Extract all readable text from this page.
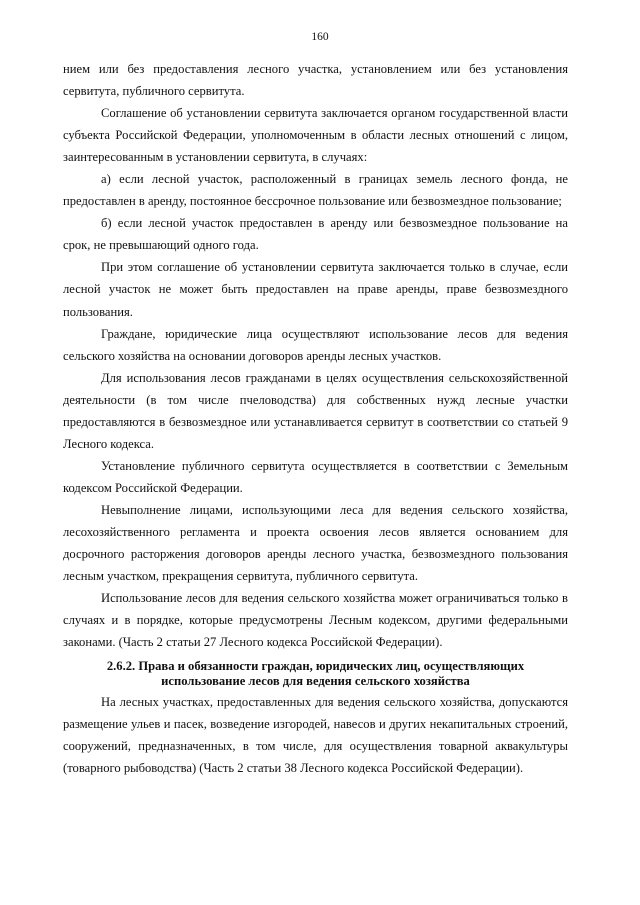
160

нием или без предоставления лесного участка, установлением или без установления сервитута, публичного сервитута.

Соглашение об установлении сервитута заключается органом государственной власти субъекта Российской Федерации, уполномоченным в области лесных отношений с лицом, заинтересованным в установлении сервитута, в случаях:

а) если лесной участок, расположенный в границах земель лесного фонда, не предоставлен в аренду, постоянное бессрочное пользование или безвозмездное пользование;

б) если лесной участок предоставлен в аренду или безвозмездное пользование на срок, не превышающий одного года.

При этом соглашение об установлении сервитута заключается только в случае, если лесной участок не может быть предоставлен на праве аренды, праве безвозмездного пользования.

Граждане, юридические лица осуществляют использование лесов для ведения сельского хозяйства на основании договоров аренды лесных участков.

Для использования лесов гражданами в целях осуществления сельскохозяйственной деятельности (в том числе пчеловодства) для собственных нужд лесные участки предоставляются в безвозмездное или устанавливается сервитут в соответствии со статьей 9 Лесного кодекса.

Установление публичного сервитута осуществляется в соответствии с Земельным кодексом Российской Федерации.

Невыполнение лицами, использующими леса для ведения сельского хозяйства, лесохозяйственного регламента и проекта освоения лесов является основанием для досрочного расторжения договоров аренды лесного участка, безвозмездного пользования лесным участком, прекращения сервитута, публичного сервитута.

Использование лесов для ведения сельского хозяйства может ограничиваться только в случаях и в порядке, которые предусмотрены Лесным кодексом, другими федеральными законами. (Часть 2 статьи 27 Лесного кодекса Российской Федерации).

2.6.2. Права и обязанности граждан, юридических лиц, осуществляющих
использование лесов для ведения сельского хозяйства

На лесных участках, предоставленных для ведения сельского хозяйства, допускаются размещение ульев и пасек, возведение изгородей, навесов и других некапитальных строений, сооружений, предназначенных, в том числе, для осуществления товарной аквакультуры (товарного рыбоводства) (Часть 2 статьи 38 Лесного кодекса Российской Федерации).
